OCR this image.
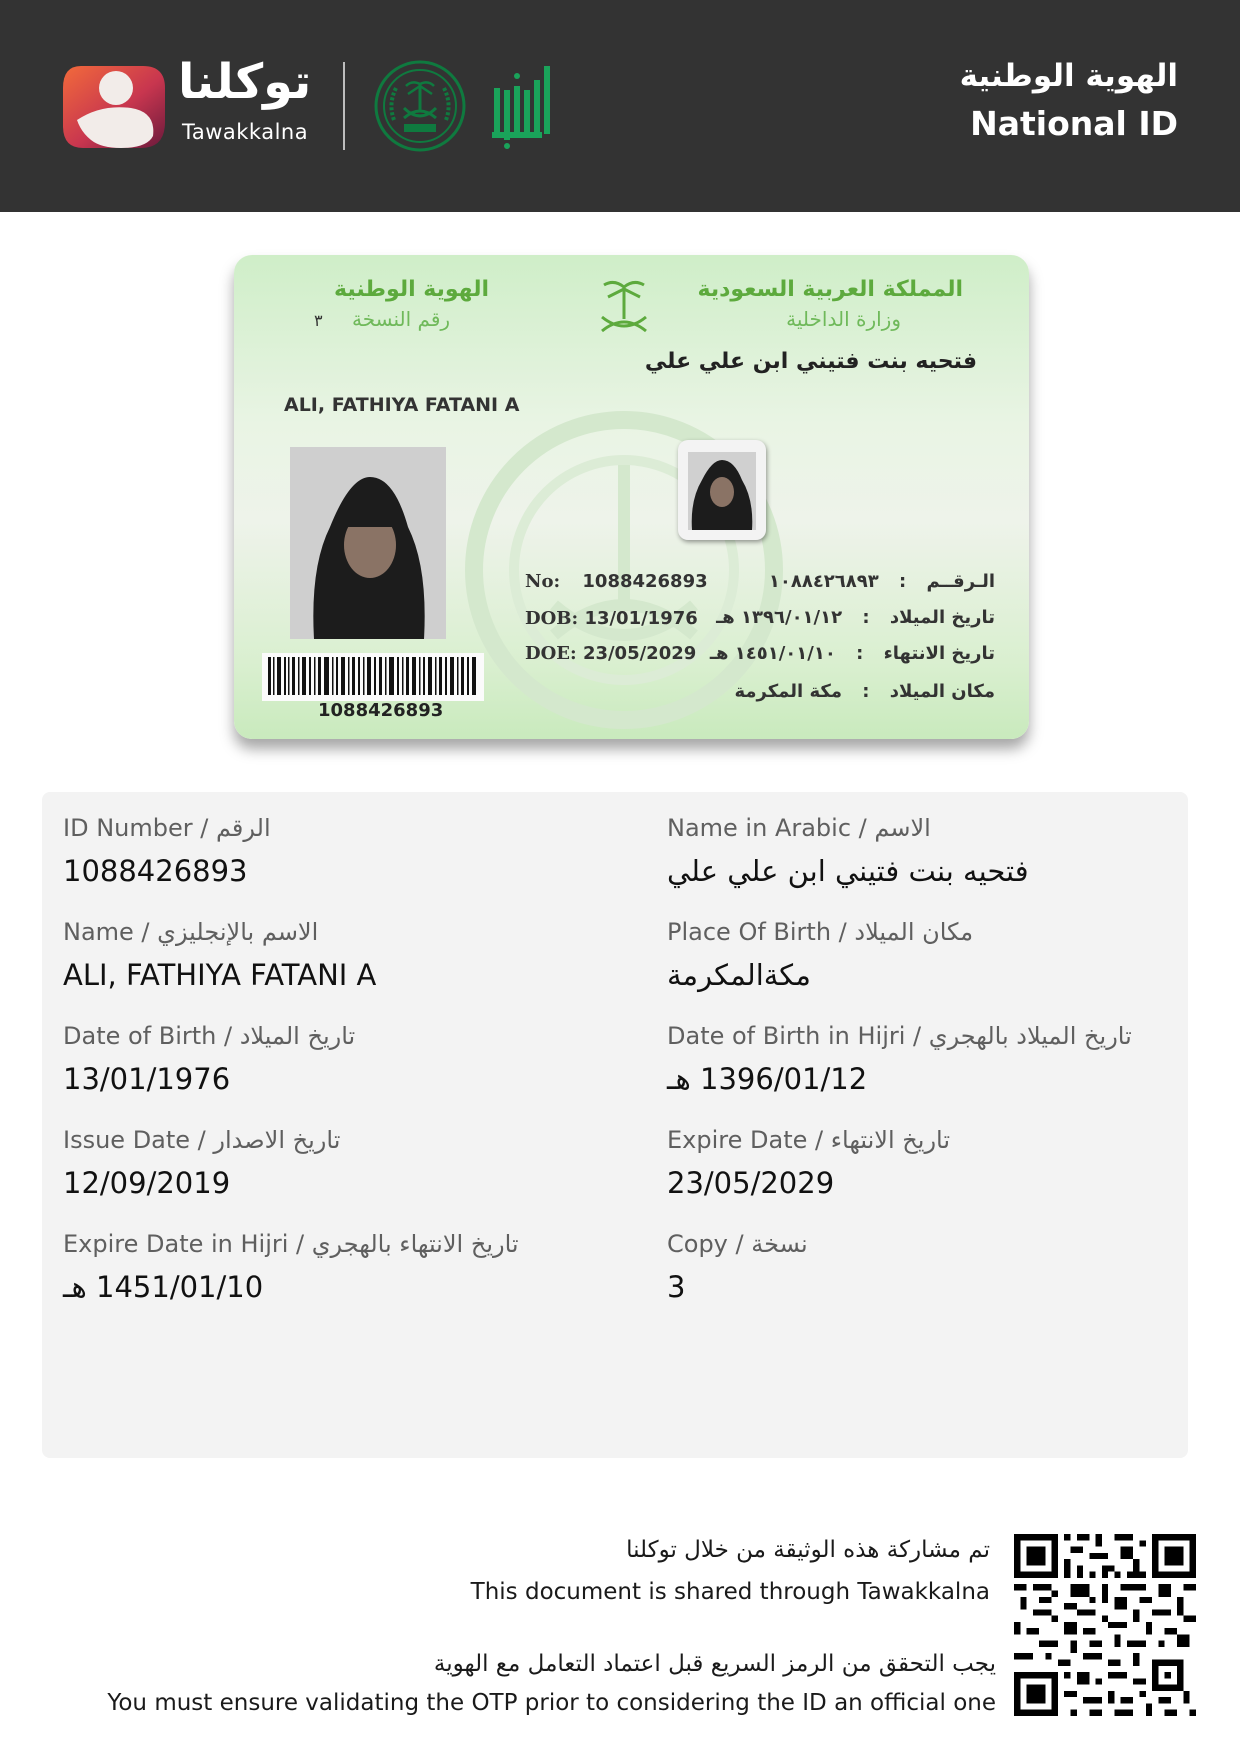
توكلنا
Tawakkalna
الهوية الوطنية
National ID
المملكة العربية السعودية
وزارة الداخلية
الهوية الوطنية
رقم النسخة
٣
فتحيه بنت فتيني ابن علي علي
ALI, FATHIYA FATANI A
1088426893
No: 1088426893
DOB: 13/01/1976
DOE: 23/05/2029
الـرقــم : ١٠٨٨٤٢٦٨٩٣
تاريخ الميلاد : ١٣٩٦/٠١/١٢ هـ
تاريخ الانتهاء : ١٤٥١/٠١/١٠ هـ
مكان الميلاد : مكة المكرمة
ID Number / الرقم
1088426893
Name in Arabic / الاسم
فتحيه بنت فتيني ابن علي علي
Name / الاسم بالإنجليزي
ALI, FATHIYA FATANI A
Place Of Birth / مكان الميلاد
مكةالمكرمة
Date of Birth / تاريخ الميلاد
13/01/1976
Date of Birth in Hijri / تاريخ الميلاد بالهجري
1396/01/12 هـ
Issue Date / تاريخ الاصدار
12/09/2019
Expire Date / تاريخ الانتهاء
23/05/2029
Expire Date in Hijri / تاريخ الانتهاء بالهجري
1451/01/10 هـ
Copy / نسخة
3
تم مشاركة هذه الوثيقة من خلال توكلنا
This document is shared through Tawakkalna
يجب التحقق من الرمز السريع قبل اعتماد التعامل مع الهوية
You must ensure validating the OTP prior to considering the ID an official one
